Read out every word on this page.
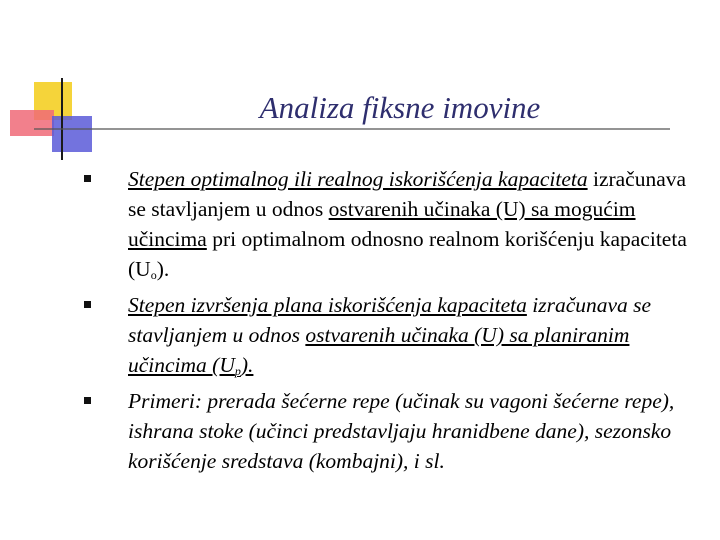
Analiza fiksne imovine
Stepen optimalnog ili realnog iskorišćenja kapaciteta izračunava se stavljanjem u odnos ostvarenih učinaka (U) sa mogućim učincima pri optimalnom odnosno realnom korišćenju kapaciteta $(U_o)$.
Stepen izvršenja plana iskorišćenja kapaciteta izračunava se stavljanjem u odnos ostvarenih učinaka (U) sa planiranim učincima $(U_p)$.
Primeri: prerada šećerne repe (učinak su vagoni šećerne repe), ishrana stoke (učinci predstavljaju hranidbene dane), sezonsko korišćenje sredstava (kombajni), i sl.
